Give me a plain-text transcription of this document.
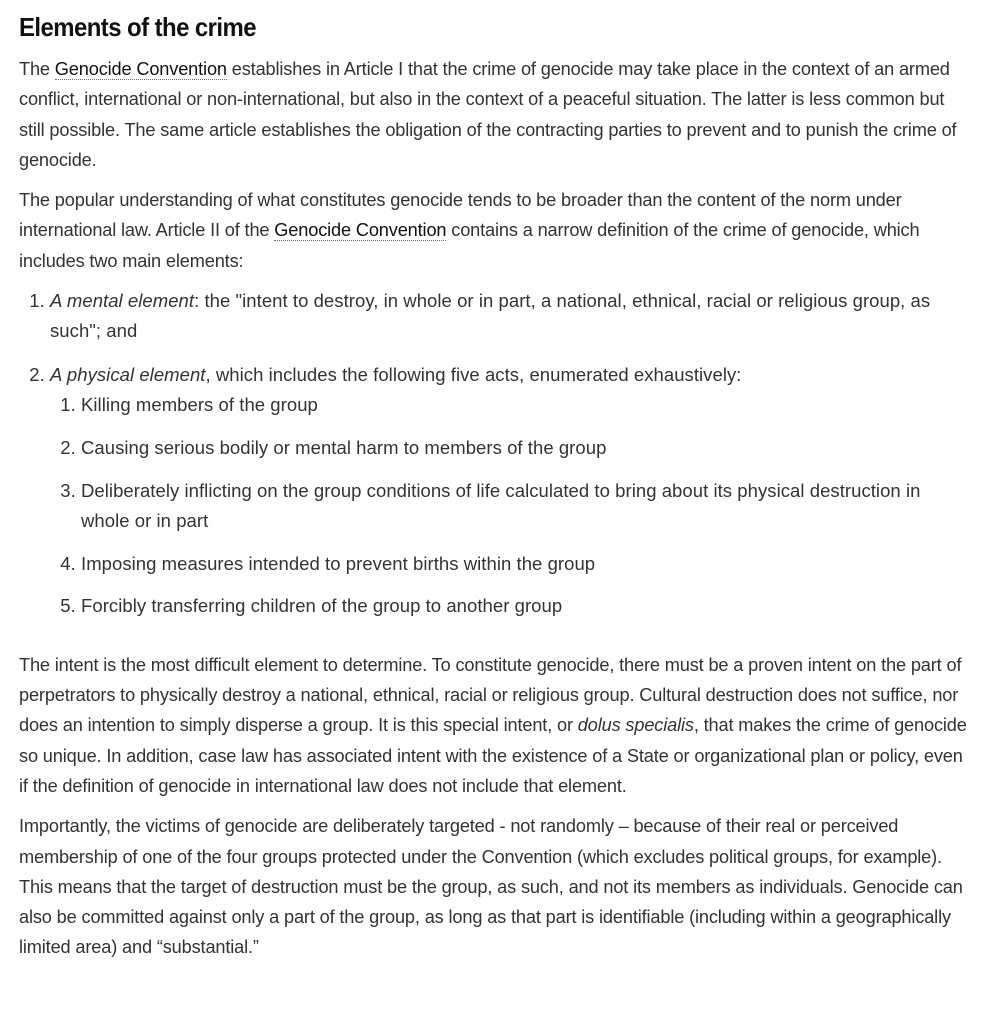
Elements of the crime

The Genocide Convention establishes in Article I that the crime of genocide may take place in the context of an armed conflict, international or non-international, but also in the context of a peaceful situation. The latter is less common but still possible. The same article establishes the obligation of the contracting parties to prevent and to punish the crime of genocide.

The popular understanding of what constitutes genocide tends to be broader than the content of the norm under international law. Article II of the Genocide Convention contains a narrow definition of the crime of genocide, which includes two main elements:

1. A mental element: the "intent to destroy, in whole or in part, a national, ethnical, racial or religious group, as such"; and
2. A physical element, which includes the following five acts, enumerated exhaustively:
1. Killing members of the group
2. Causing serious bodily or mental harm to members of the group
3. Deliberately inflicting on the group conditions of life calculated to bring about its physical destruction in whole or in part
4. Imposing measures intended to prevent births within the group
5. Forcibly transferring children of the group to another group

The intent is the most difficult element to determine. To constitute genocide, there must be a proven intent on the part of perpetrators to physically destroy a national, ethnical, racial or religious group. Cultural destruction does not suffice, nor does an intention to simply disperse a group. It is this special intent, or dolus specialis, that makes the crime of genocide so unique. In addition, case law has associated intent with the existence of a State or organizational plan or policy, even if the definition of genocide in international law does not include that element.

Importantly, the victims of genocide are deliberately targeted - not randomly – because of their real or perceived membership of one of the four groups protected under the Convention (which excludes political groups, for example). This means that the target of destruction must be the group, as such, and not its members as individuals. Genocide can also be committed against only a part of the group, as long as that part is identifiable (including within a geographically limited area) and “substantial.”
